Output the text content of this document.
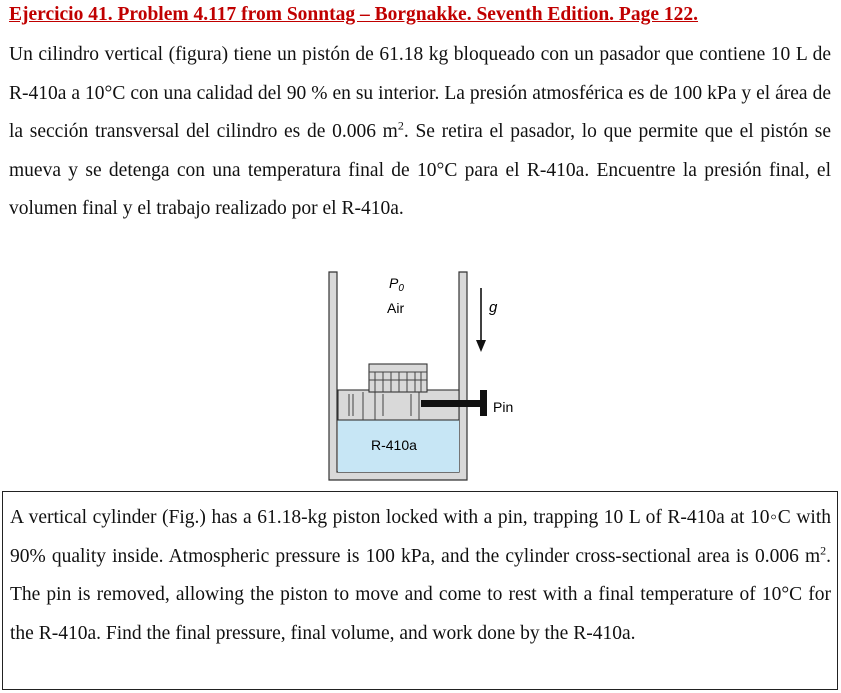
Ejercicio 41. Problem 4.117 from Sonntag – Borgnakke. Seventh Edition. Page 122.
Un cilindro vertical (figura) tiene un pistón de 61.18 kg bloqueado con un pasador que contiene 10 L de R-410a a 10°C con una calidad del 90 % en su interior. La presión atmosférica es de 100 kPa y el área de la sección transversal del cilindro es de 0.006 $m^2$. Se retira el pasador, lo que permite que el pistón se mueva y se detenga con una temperatura final de 10°C para el R-410a. Encuentre la presión final, el volumen final y el trabajo realizado por el R-410a.
$P_0$
Air	g
Pin
R-410a
A vertical cylinder (Fig.) has a 61.18-kg piston locked with a pin, trapping 10 L of R-410a at 10◦C with 90% quality inside. Atmospheric pressure is 100 kPa, and the cylinder cross-sectional area is 0.006 $m^2$. The pin is removed, allowing the piston to move and come to rest with a final temperature of 10°C for the R-410a. Find the final pressure, final volume, and work done by the R-410a.
